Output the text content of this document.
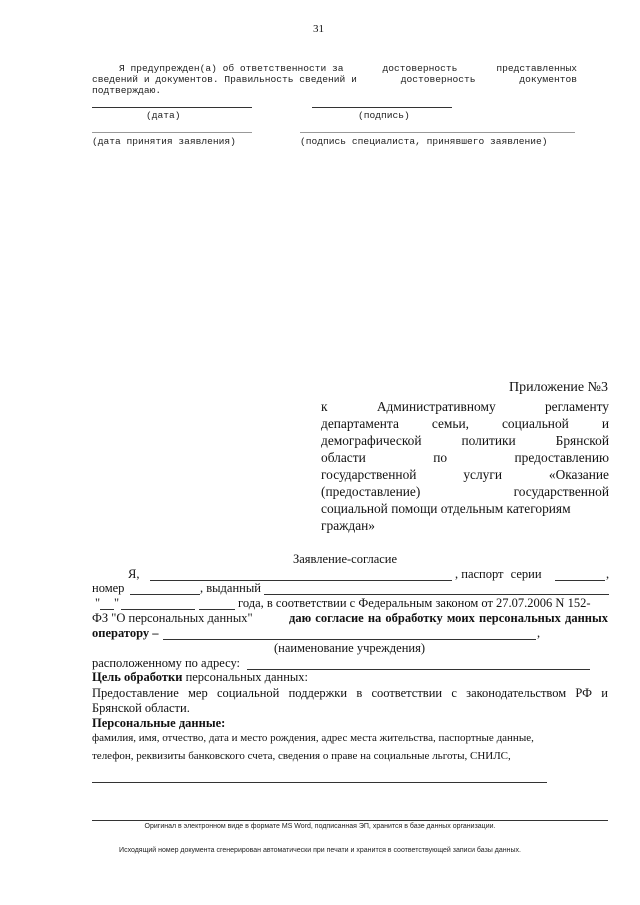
31
Я предупрежден(а) об ответственности за	достоверность	представленных
сведений и документов. Правильность сведений и	достоверность	документов
подтверждаю.
(дата)	(подпись)
(дата принятия заявления)	(подпись специалиста, принявшего заявление)
Приложение №3
к	Административному	регламенту
департамента семьи, социальной и
демографической	политики	Брянской
области	по	предоставлению
государственной	услуги	«Оказание
(предоставление)	государственной
социальной помощи отдельным категориям
граждан»
Заявление-согласие
Я,	, паспорт серии	,
номер	, выданный
" "	года, в соответствии с Федеральным законом от 27.07.2006 N 152-
ФЗ "О персональных данных"	даю согласие на обработку моих персональных данных
оператору –	,
(наименование учреждения)
расположенному по адресу:
Цель обработки персональных данных:
Предоставление мер социальной поддержки в соответствии с законодательством РФ и
Брянской области.
Персональные данные:
фамилия, имя, отчество, дата и место рождения, адрес места жительства, паспортные данные,
телефон, реквизиты банковского счета, сведения о праве на социальные льготы, СНИЛС,
Оригинал в электронном виде в формате MS Word, подписанная ЭП, хранится в базе данных организации.
Исходящий номер документа сгенерирован автоматически при печати и хранится в соответствующей записи базы данных.
